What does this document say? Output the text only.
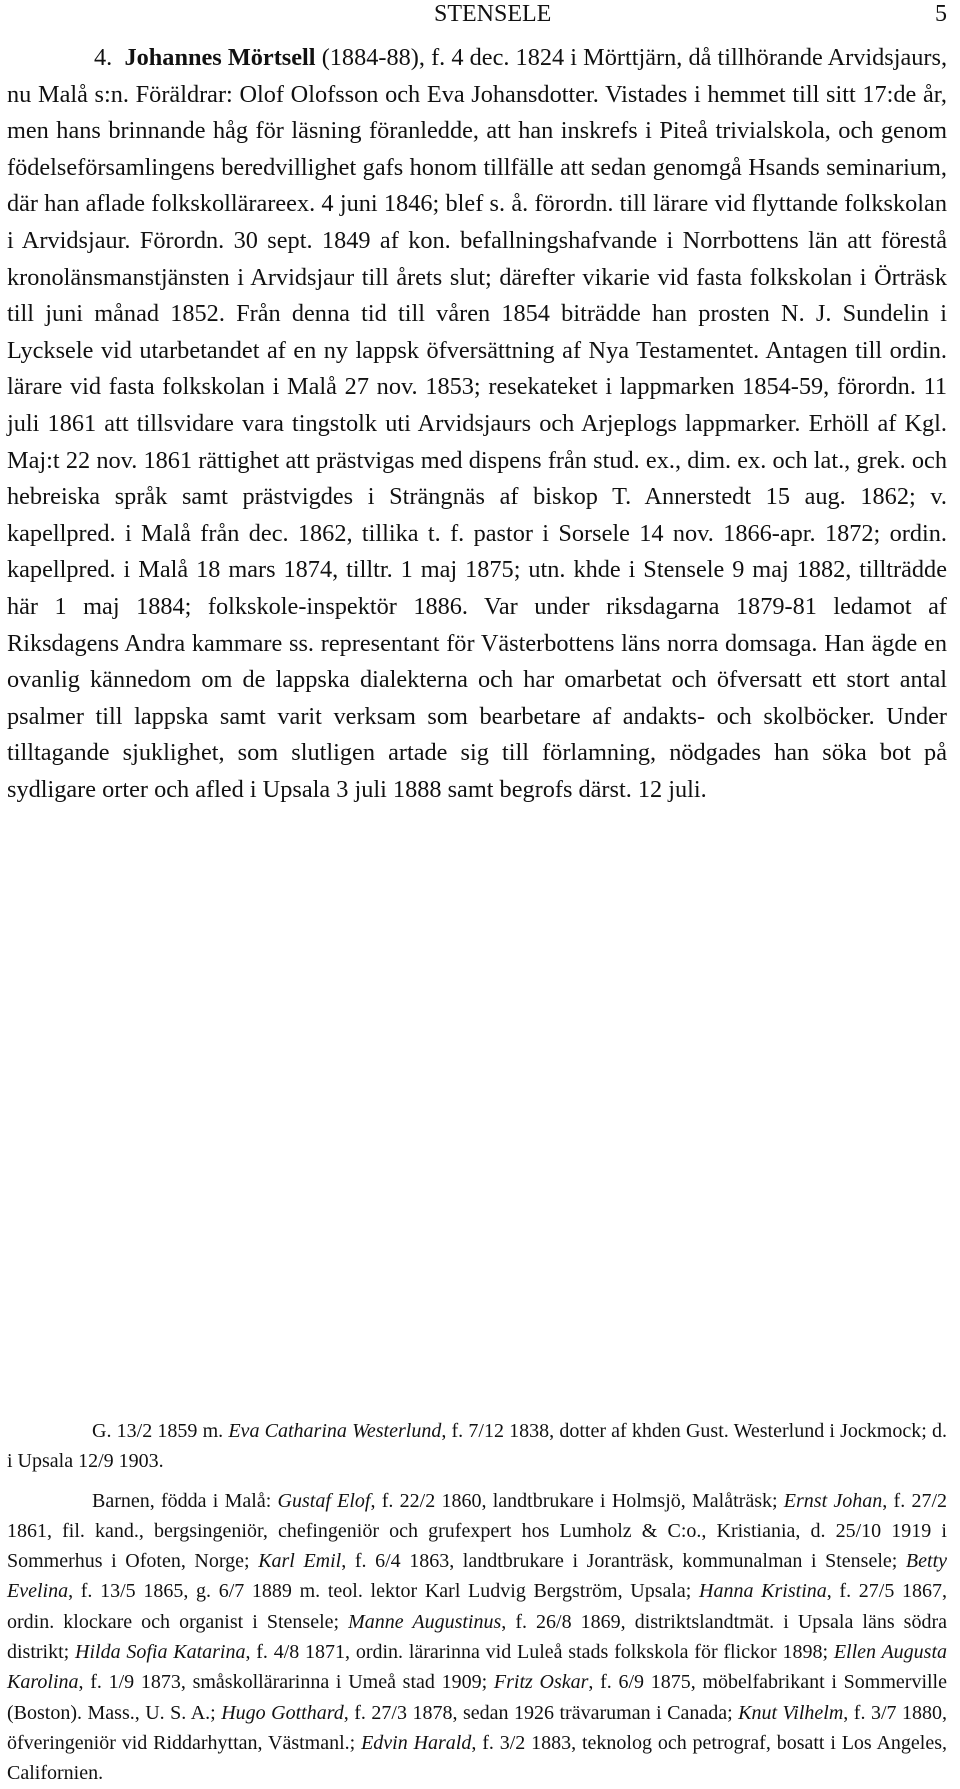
STENSELE	5

4. Johannes Mörtsell (1884-88), f. 4 dec. 1824 i Mörttjärn, då tillhörande Arvidsjaurs, nu Malå s:n. Föräldrar: Olof Olofsson och Eva Johansdotter. Vistades i hemmet till sitt 17:de år, men hans brinnande håg för läsning föranledde, att han inskrefs i Piteå trivialskola, och genom födelseförsamlingens beredvillighet gafs honom tillfälle att sedan genomgå Hsands seminarium, där han aflade folkskollärareex. 4 juni 1846; blef s. å. förordn. till lärare vid flyttande folkskolan i Arvidsjaur. Förordn. 30 sept. 1849 af kon. befallningshafvande i Norrbottens län att förestå kronolänsmanstjänsten i Arvidsjaur till årets slut; därefter vikarie vid fasta folkskolan i Örträsk till juni månad 1852. Från denna tid till våren 1854 biträdde han prosten N. J. Sundelin i Lycksele vid utarbetandet af en ny lappsk öfversättning af Nya Testamentet. Antagen till ordin. lärare vid fasta folkskolan i Malå 27 nov. 1853; resekateket i lappmarken 1854-59, förordn. 11 juli 1861 att tillsvidare vara tingstolk uti Arvidsjaurs och Arjeplogs lappmarker. Erhöll af Kgl. Maj:t 22 nov. 1861 rättighet att prästvigas med dispens från stud. ex., dim. ex. och lat., grek. och hebreiska språk samt prästvigdes i Strängnäs af biskop T. Annerstedt 15 aug. 1862; v. kapellpred. i Malå från dec. 1862, tillika t. f. pastor i Sorsele 14 nov. 1866-apr. 1872; ordin. kapellpred. i Malå 18 mars 1874, tilltr. 1 maj 1875; utn. khde i Stensele 9 maj 1882, tillträdde här 1 maj 1884; folkskole-inspektör 1886. Var under riksdagarna 1879-81 ledamot af Riksdagens Andra kammare ss. representant för Västerbottens läns norra domsaga. Han ägde en ovanlig kännedom om de lappska dialekterna och har omarbetat och öfversatt ett stort antal psalmer till lappska samt varit verksam som bearbetare af andakts- och skolböcker. Under tilltagande sjuklighet, som slutligen artade sig till förlamning, nödgades han söka bot på sydligare orter och afled i Upsala 3 juli 1888 samt begrofs därst. 12 juli.

G. 13/2 1859 m. Eva Catharina Westerlund, f. 7/12 1838, dotter af khden Gust. Westerlund i Jockmock; d. i Upsala 12/9 1903.

Barnen, födda i Malå: Gustaf Elof, f. 22/2 1860, landtbrukare i Holmsjö, Malåträsk; Ernst Johan, f. 27/2 1861, fil. kand., bergsingeniör, chefingeniör och grufexpert hos Lumholz & C:o., Kristiania, d. 25/10 1919 i Sommerhus i Ofoten, Norge; Karl Emil, f. 6/4 1863, landtbrukare i Joranträsk, kommunalman i Stensele; Betty Evelina, f. 13/5 1865, g. 6/7 1889 m. teol. lektor Karl Ludvig Bergström, Upsala; Hanna Kristina, f. 27/5 1867, ordin. klockare och organist i Stensele; Manne Augustinus, f. 26/8 1869, distriktslandtmät. i Upsala läns södra distrikt; Hilda Sofia Katarina, f. 4/8 1871, ordin. lärarinna vid Luleå stads folkskola för flickor 1898; Ellen Augusta Karolina, f. 1/9 1873, småskollärarinna i Umeå stad 1909; Fritz Oskar, f. 6/9 1875, möbelfabrikant i Sommerville (Boston). Mass., U. S. A.; Hugo Gotthard, f. 27/3 1878, sedan 1926 trävaruman i Canada; Knut Vilhelm, f. 3/7 1880, öfveringeniör vid Riddarhyttan, Västmanl.; Edvin Harald, f. 3/2 1883, teknolog och petrograf, bosatt i Los Angeles, Californien.
